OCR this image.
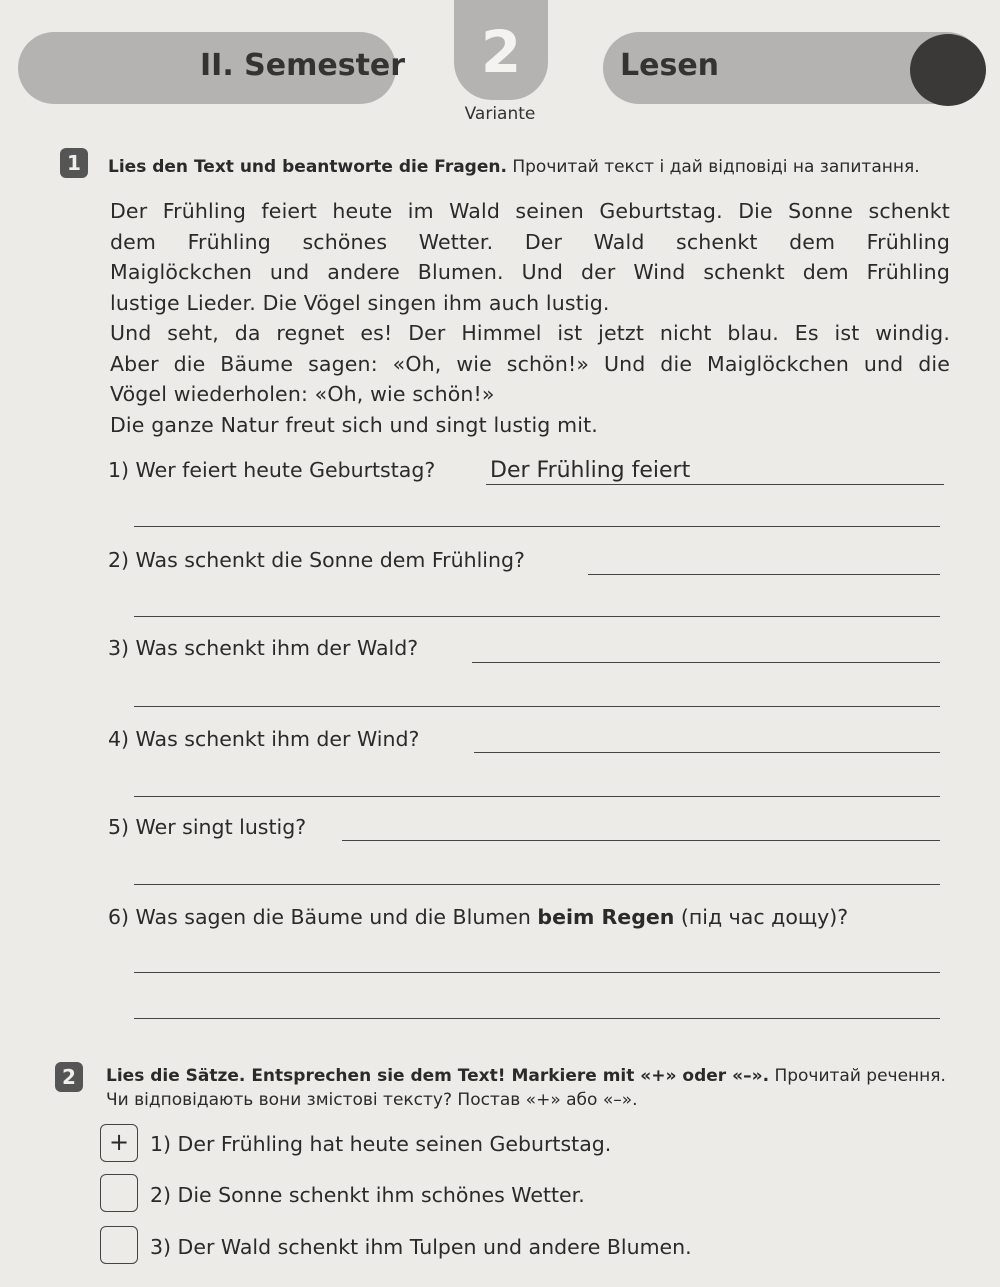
II. Semester	2
Variante
Lesen
1	Lies den Text und beantworte die Fragen. Прочитай текст і дай відповіді на запитання.

Der Frühling feiert heute im Wald seinen Geburtstag. Die Sonne schenkt

dem Frühling schönes Wetter. Der Wald schenkt dem Frühling

Maiglöckchen und andere Blumen. Und der Wind schenkt dem Frühling

lustige Lieder. Die Vögel singen ihm auch lustig.

Und seht, da regnet es! Der Himmel ist jetzt nicht blau. Es ist windig.

Aber die Bäume sagen: «Oh, wie schön!» Und die Maiglöckchen und die

Vögel wiederholen: «Oh, wie schön!»

Die ganze Natur freut sich und singt lustig mit.

1) Wer feiert heute Geburtstag? Der Frühling feiert
2) Was schenkt die Sonne dem Frühling?
3) Was schenkt ihm der Wald?
4) Was schenkt ihm der Wind?
5) Wer singt lustig?
6) Was sagen die Bäume und die Blumen beim Regen (під час дощу)?
2	Lies die Sätze. Entsprechen sie dem Text! Markiere mit «+» oder «–». Прочитай речення. Чи відповідають вони змістові тексту? Постав «+» або «–».
+	1) Der Frühling hat heute seinen Geburtstag.
2) Die Sonne schenkt ihm schönes Wetter.
3) Der Wald schenkt ihm Tulpen und andere Blumen.
